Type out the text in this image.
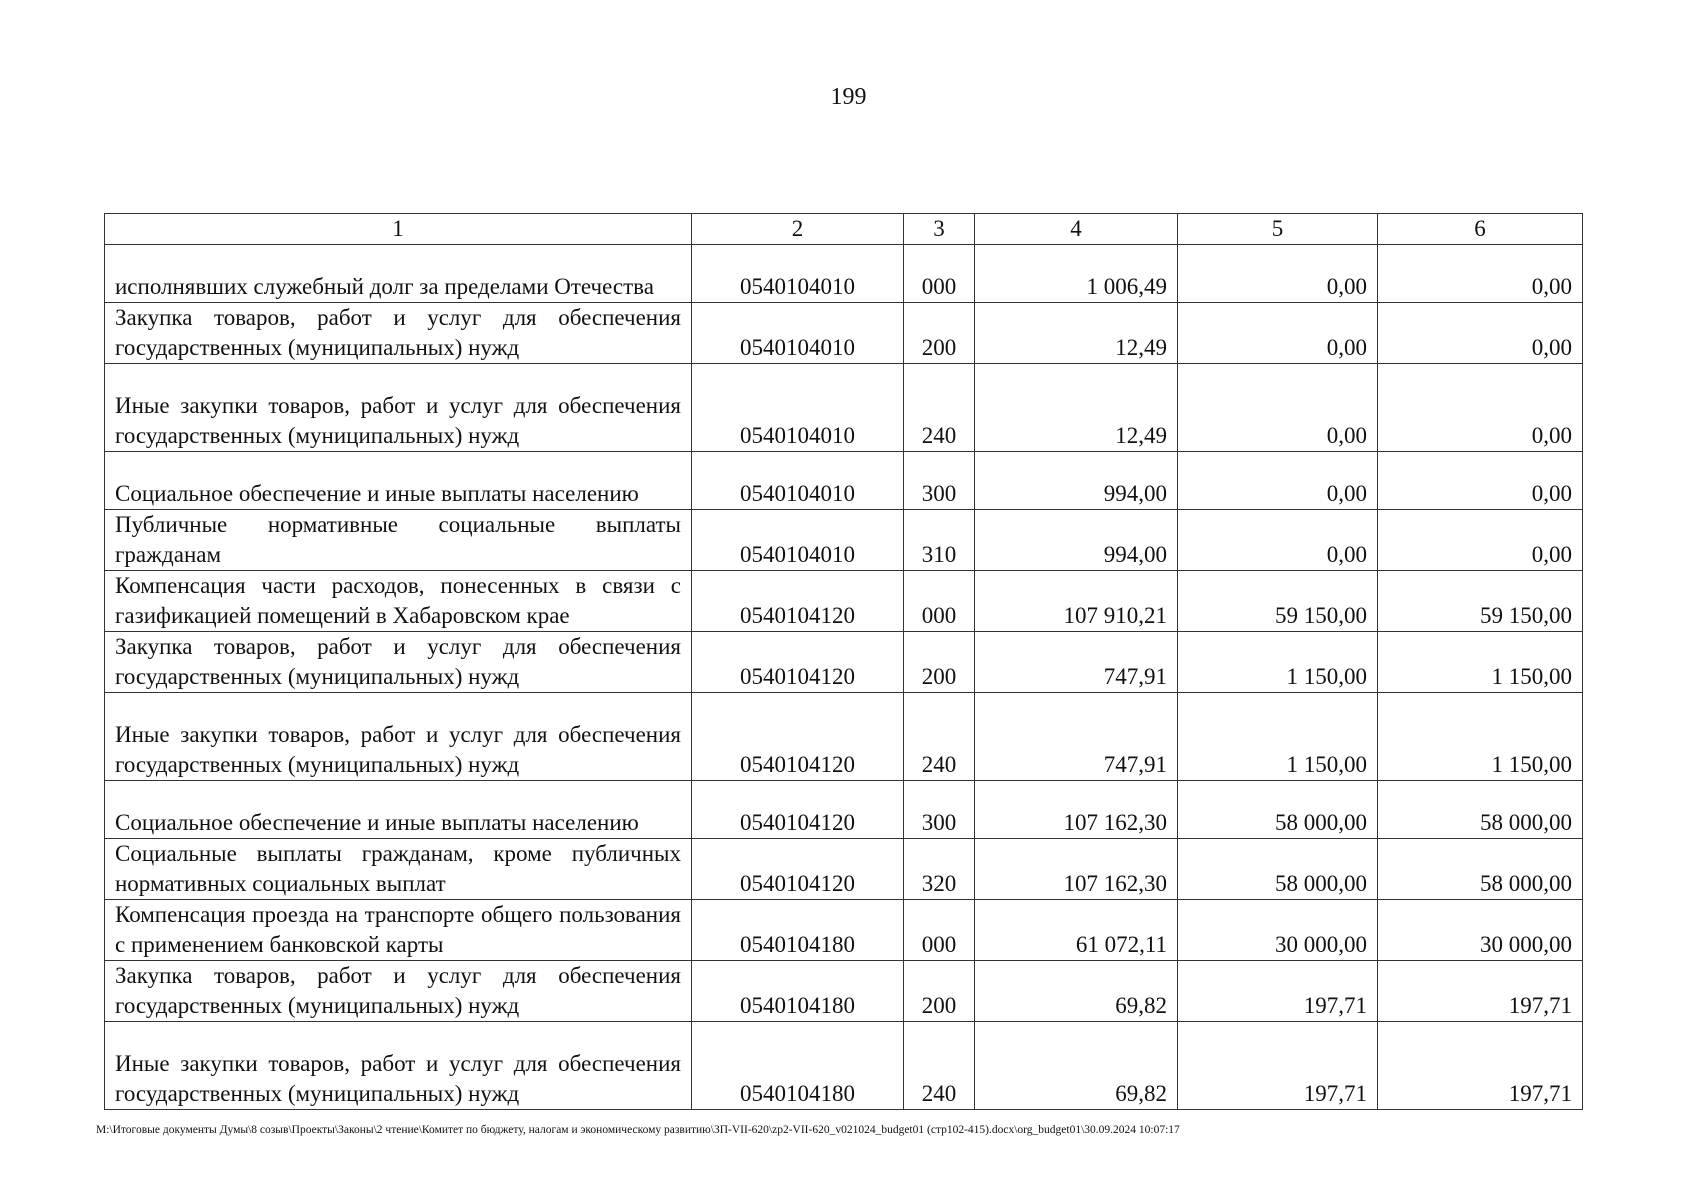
199
1	2	3	4	5	6
исполнявших служебный долг за пределами Отечества	0540104010	000	1 006,49	0,00	0,00
Закупка товаров, работ и услуг для обеспечения государственных (муниципальных) нужд	0540104010	200	12,49	0,00	0,00
Иные закупки товаров, работ и услуг для обеспечения государственных (муниципальных) нужд	0540104010	240	12,49	0,00	0,00
Социальное обеспечение и иные выплаты населению	0540104010	300	994,00	0,00	0,00
Публичные нормативные социальные выплаты гражданам	0540104010	310	994,00	0,00	0,00
Компенсация части расходов, понесенных в связи с газификацией помещений в Хабаровском крае	0540104120	000	107 910,21	59 150,00	59 150,00
Закупка товаров, работ и услуг для обеспечения государственных (муниципальных) нужд	0540104120	200	747,91	1 150,00	1 150,00
Иные закупки товаров, работ и услуг для обеспечения государственных (муниципальных) нужд	0540104120	240	747,91	1 150,00	1 150,00
Социальное обеспечение и иные выплаты населению	0540104120	300	107 162,30	58 000,00	58 000,00
Социальные выплаты гражданам, кроме публичных нормативных социальных выплат	0540104120	320	107 162,30	58 000,00	58 000,00
Компенсация проезда на транспорте общего пользования с применением банковской карты	0540104180	000	61 072,11	30 000,00	30 000,00
Закупка товаров, работ и услуг для обеспечения государственных (муниципальных) нужд	0540104180	200	69,82	197,71	197,71
Иные закупки товаров, работ и услуг для обеспечения государственных (муниципальных) нужд	0540104180	240	69,82	197,71	197,71
М:\Итоговые документы Думы\8 созыв\Проекты\Законы\2 чтение\Комитет по бюджету, налогам и экономическому развитию\ЗП-VII-620\zp2-VII-620_v021024_budget01 (стр102-415).docx\org_budget01\30.09.2024 10:07:17
